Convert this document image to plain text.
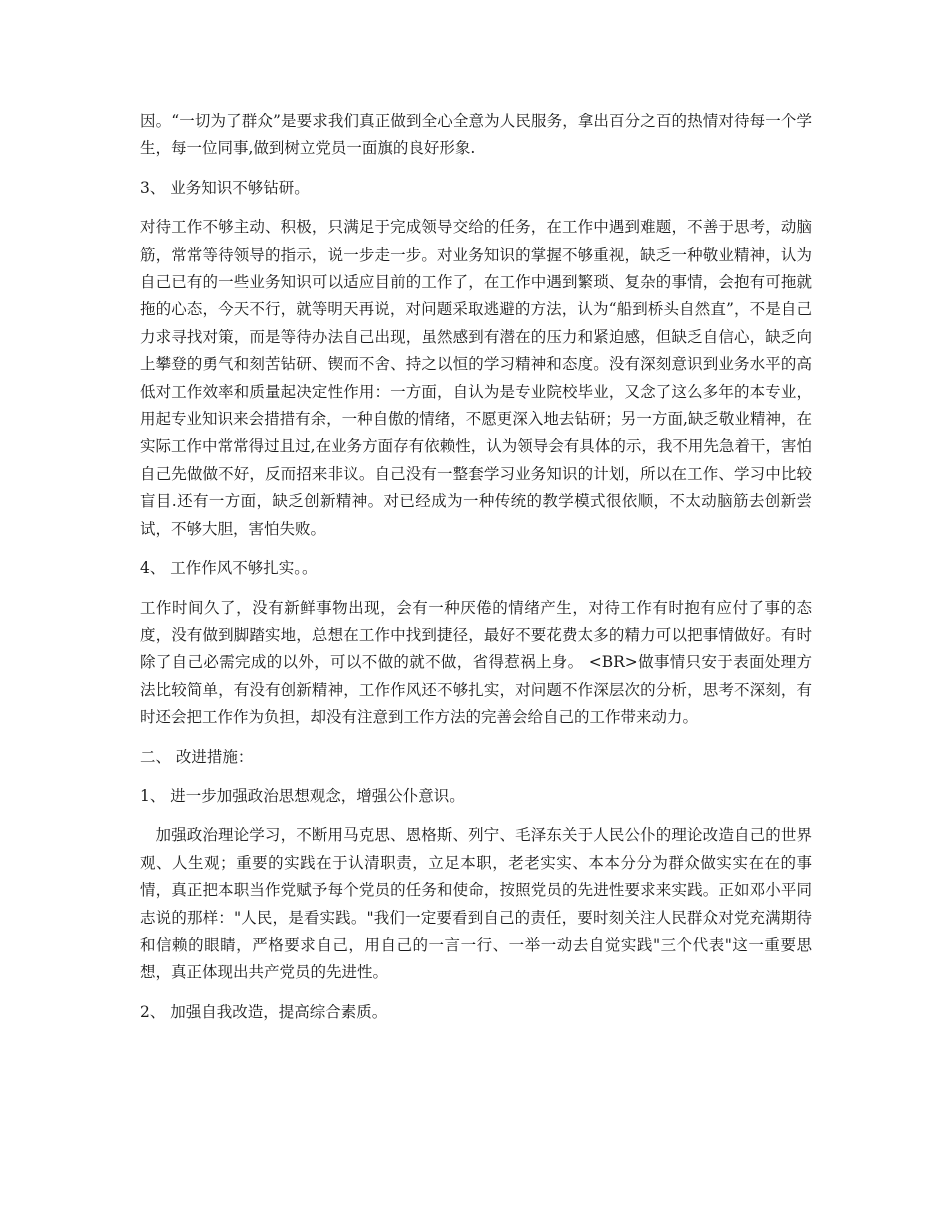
因。“一切为了群众”是要求我们真正做到全心全意为人民服务，拿出百分之百的热情对待每一个学生，每一位同事,做到树立党员一面旗的良好形象.

3、 业务知识不够钻研。

对待工作不够主动、积极，只满足于完成领导交给的任务，在工作中遇到难题，不善于思考，动脑筋，常常等待领导的指示，说一步走一步。对业务知识的掌握不够重视，缺乏一种敬业精神，认为自己已有的一些业务知识可以适应目前的工作了，在工作中遇到繁琐、复杂的事情，会抱有可拖就拖的心态，今天不行，就等明天再说，对问题采取逃避的方法，认为“船到桥头自然直”，不是自己力求寻找对策，而是等待办法自己出现，虽然感到有潜在的压力和紧迫感，但缺乏自信心，缺乏向上攀登的勇气和刻苦钻研、锲而不舍、持之以恒的学习精神和态度。没有深刻意识到业务水平的高低对工作效率和质量起决定性作用：一方面，自认为是专业院校毕业，又念了这么多年的本专业，用起专业知识来会措措有余，一种自傲的情绪，不愿更深入地去钻研；另一方面,缺乏敬业精神，在实际工作中常常得过且过,在业务方面存有依赖性，认为领导会有具体的示，我不用先急着干，害怕自己先做做不好，反而招来非议。自己没有一整套学习业务知识的计划，所以在工作、学习中比较盲目.还有一方面，缺乏创新精神。对已经成为一种传统的教学模式很依顺，不太动脑筋去创新尝试，不够大胆，害怕失败。

4、 工作作风不够扎实。。

工作时间久了，没有新鲜事物出现，会有一种厌倦的情绪产生，对待工作有时抱有应付了事的态度，没有做到脚踏实地，总想在工作中找到捷径，最好不要花费太多的精力可以把事情做好。有时除了自己必需完成的以外，可以不做的就不做，省得惹祸上身。 <BR>做事情只安于表面处理方法比较简单，有没有创新精神，工作作风还不够扎实，对问题不作深层次的分析，思考不深刻，有时还会把工作作为负担，却没有注意到工作方法的完善会给自己的工作带来动力。

二、 改进措施：

1、 进一步加强政治思想观念，增强公仆意识。

加强政治理论学习，不断用马克思、恩格斯、列宁、毛泽东关于人民公仆的理论改造自己的世界观、人生观；重要的实践在于认清职责，立足本职，老老实实、本本分分为群众做实实在在的事情，真正把本职当作党赋予每个党员的任务和使命，按照党员的先进性要求来实践。正如邓小平同志说的那样："人民，是看实践。"我们一定要看到自己的责任，要时刻关注人民群众对党充满期待和信赖的眼睛，严格要求自己，用自己的一言一行、一举一动去自觉实践"三个代表"这一重要思想，真正体现出共产党员的先进性。

2、 加强自我改造，提高综合素质。
